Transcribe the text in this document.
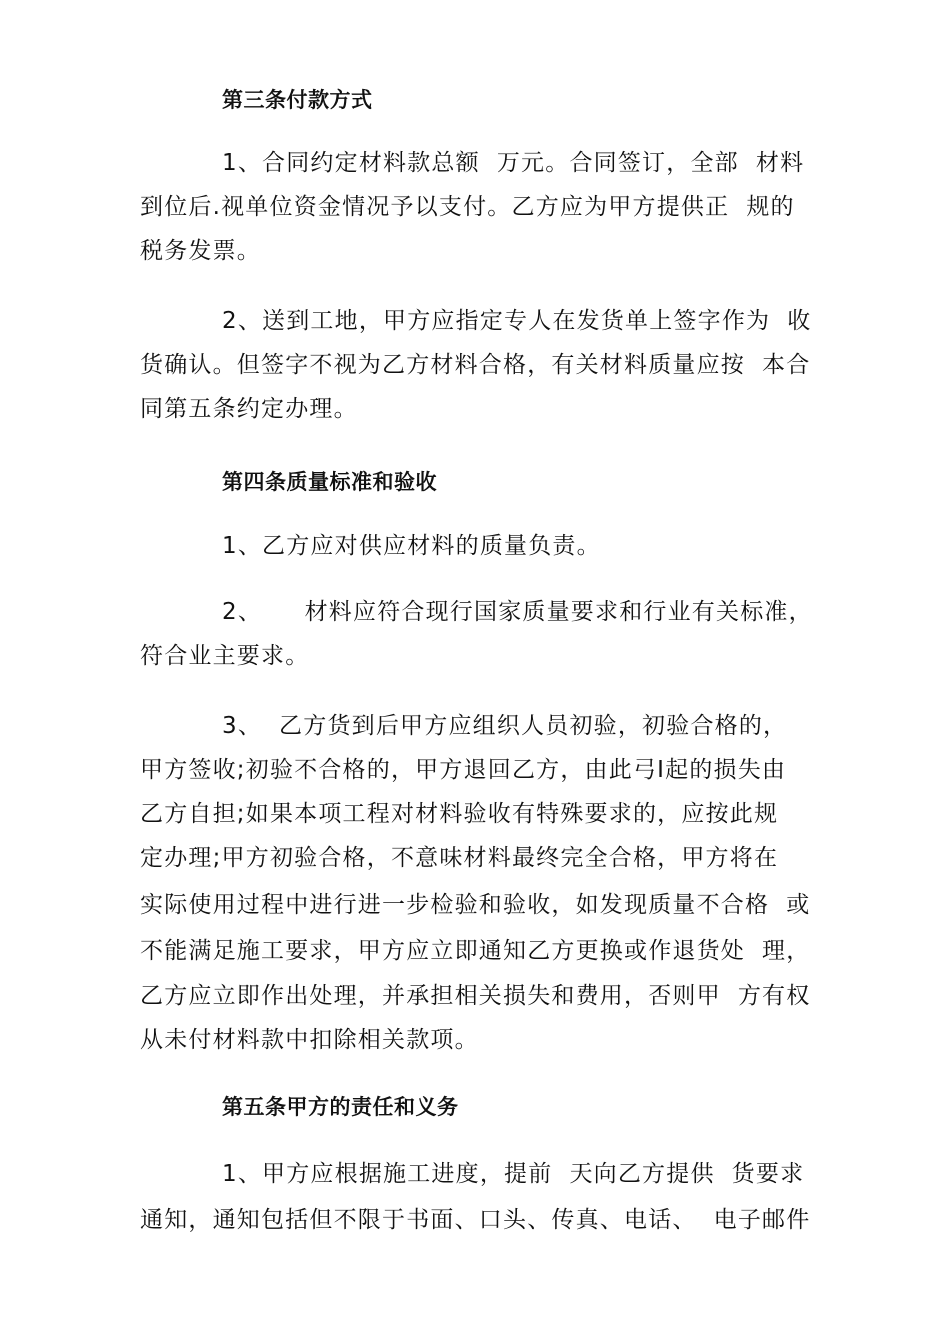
第三条付款方式
1、合同约定材料款总额  万元。合同签订，全部  材料
到位后.视单位资金情况予以支付。乙方应为甲方提供正  规的
税务发票。
2、送到工地，甲方应指定专人在发货单上签字作为  收
货确认。但签字不视为乙方材料合格，有关材料质量应按  本合
同第五条约定办理。
第四条质量标准和验收
1、乙方应对供应材料的质量负责。
2、     材料应符合现行国家质量要求和行业有关标准，
符合业主要求。
3、  乙方货到后甲方应组织人员初验，初验合格的，
甲方签收;初验不合格的，甲方退回乙方，由此弓I起的损失由
乙方自担;如果本项工程对材料验收有特殊要求的，应按此规
定办理;甲方初验合格，不意味材料最终完全合格，甲方将在
实际使用过程中进行进一步检验和验收，如发现质量不合格  或
不能满足施工要求，甲方应立即通知乙方更换或作退货处  理，
乙方应立即作出处理，并承担相关损失和费用，否则甲  方有权
从未付材料款中扣除相关款项。
第五条甲方的责任和义务
1、甲方应根据施工进度，提前  天向乙方提供  货要求
通知，通知包括但不限于书面、口头、传真、电话、  电子邮件
